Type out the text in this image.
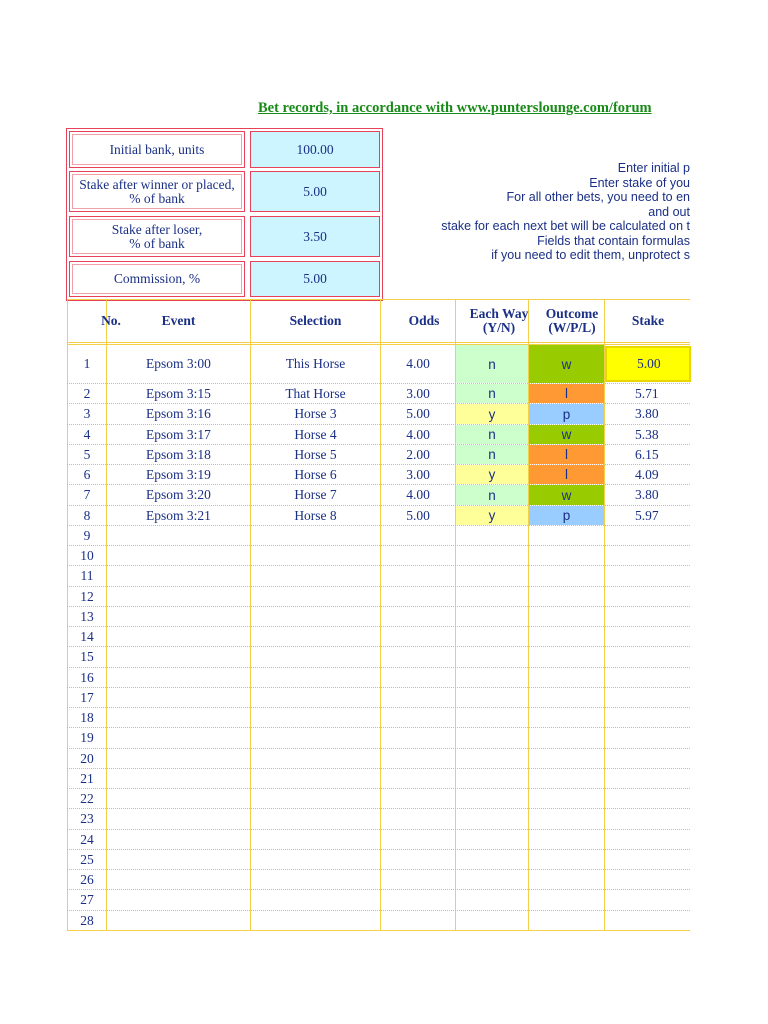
Bet records, in accordance with www.punterslounge.com/forum
Initial bank, units	100.00
Stake after winner or placed,
% of bank	5.00
Stake after loser,
% of bank	3.50
Commission, %	5.00
Enter initial p
Enter stake of you
For all other bets, you need to en
and out
stake for each next bet will be calculated on t
Fields that contain formulas
if you need to edit them, unprotect s
No.	Event	Selection	Odds	Each Way
(Y/N)
Outcome
(W/P/L)	Stake
1	Epsom 3:00	This Horse	4.00	n	w	5.00
2	Epsom 3:15	That Horse	3.00	n	l	5.71
3	Epsom 3:16	Horse 3	5.00	y	p	3.80
4	Epsom 3:17	Horse 4	4.00	n	w	5.38
5	Epsom 3:18	Horse 5	2.00	n	l	6.15
6	Epsom 3:19	Horse 6	3.00	y	l	4.09
7	Epsom 3:20	Horse 7	4.00	n	w	3.80
8	Epsom 3:21	Horse 8	5.00	y	p	5.97
9
10
11
12
13
14
15
16
17
18
19
20
21
22
23
24
25
26
27
28
